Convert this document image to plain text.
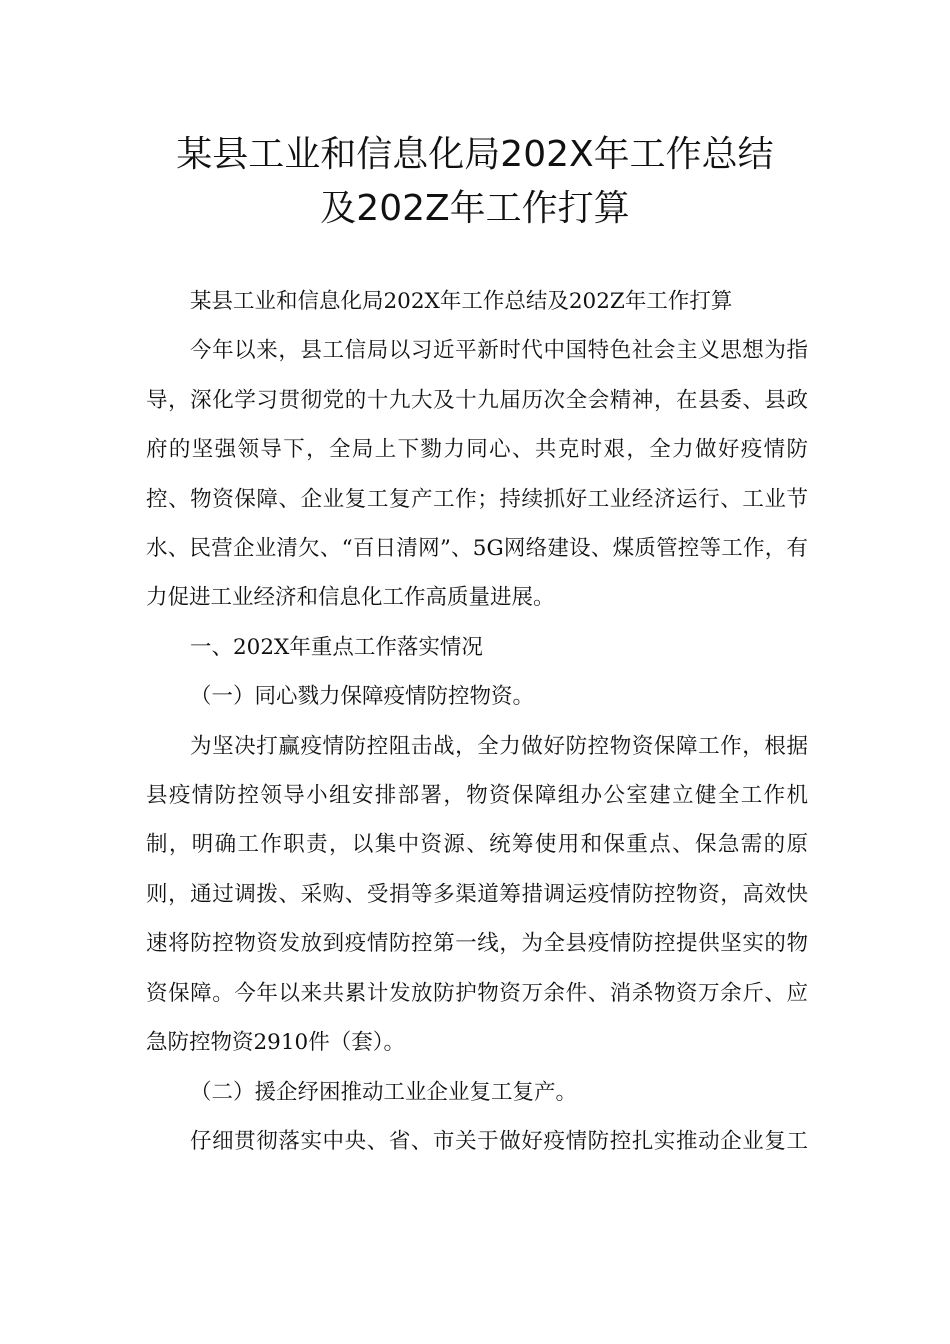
某县工业和信息化局202X年工作总结
及202Z年工作打算

某县工业和信息化局202X年工作总结及202Z年工作打算

今年以来，县工信局以习近平新时代中国特色社会主义思想为指导，深化学习贯彻党的十九大及十九届历次全会精神，在县委、县政府的坚强领导下，全局上下勠力同心、共克时艰，全力做好疫情防控、物资保障、企业复工复产工作；持续抓好工业经济运行、工业节水、民营企业清欠、“百日清网”、5G网络建设、煤质管控等工作，有力促进工业经济和信息化工作高质量进展。

一、202X年重点工作落实情况

（一）同心戮力保障疫情防控物资。

为坚决打赢疫情防控阻击战，全力做好防控物资保障工作，根据县疫情防控领导小组安排部署，物资保障组办公室建立健全工作机制，明确工作职责，以集中资源、统筹使用和保重点、保急需的原则，通过调拨、采购、受捐等多渠道筹措调运疫情防控物资，高效快速将防控物资发放到疫情防控第一线，为全县疫情防控提供坚实的物资保障。今年以来共累计发放防护物资万余件、消杀物资万余斤、应急防控物资2910件（套）。

（二）援企纾困推动工业企业复工复产。

仔细贯彻落实中央、省、市关于做好疫情防控扎实推动企业复工
